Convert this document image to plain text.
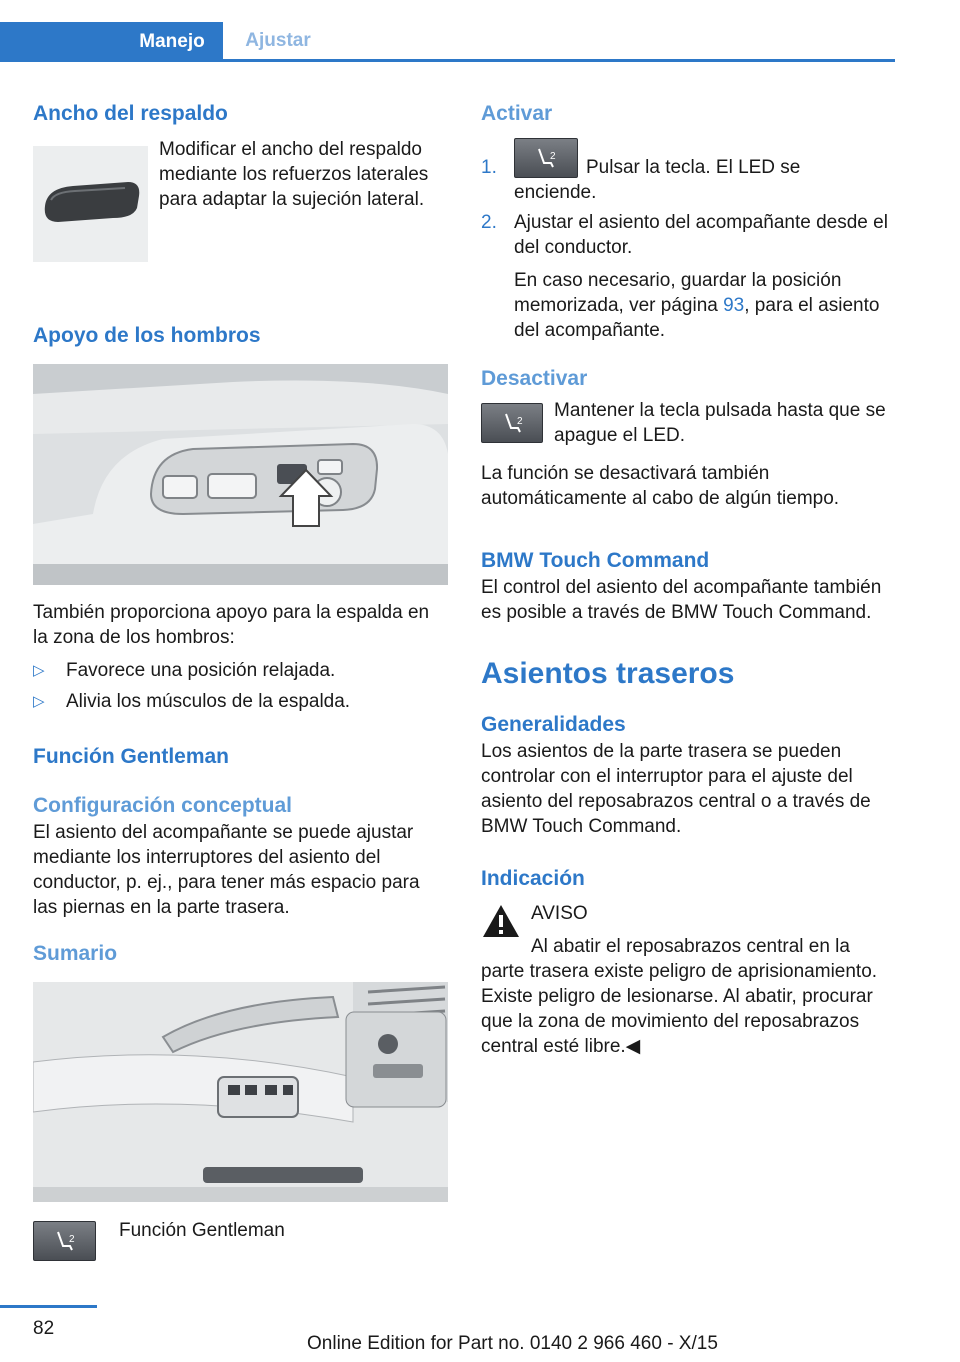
Manejo	Ajustar
Ancho del respaldo

Modificar el ancho del respaldo mediante los refuerzos laterales para adaptar la sujeción lateral.

Apoyo de los hombros

También proporciona apoyo para la espalda en la zona de los hombros:

▷ Favorece una posición relajada.
▷ Alivia los músculos de la espalda.
Función Gentleman
Configuración conceptual

El asiento del acompañante se puede ajustar mediante los interruptores del asiento del conductor, p. ej., para tener más espacio para las piernas en la parte trasera.

Sumario
2 Función Gentleman
Activar
1.
2
Pulsar la tecla. El LED se enciende.
2. Ajustar el asiento del acompañante desde el del conductor.

En caso necesario, guardar la posición memorizada, ver página 93, para el asiento del acompañante.

Desactivar
2

Mantener la tecla pulsada hasta que se apague el LED.

La función se desactivará también automáticamente al cabo de algún tiempo.

BMW Touch Command

El control del asiento del acompañante también es posible a través de BMW Touch Command.

Asientos traseros
Generalidades

Los asientos de la parte trasera se pueden controlar con el interruptor para el ajuste del asiento del reposabrazos central o a través de BMW Touch Command.

Indicación

AVISO

Al abatir el reposabrazos central en la parte trasera existe peligro de aprisionamiento. Existe peligro de lesionarse. Al abatir, procurar que la zona de movimiento del reposabrazos central esté libre.◀

82
Online Edition for Part no. 0140 2 966 460 - X/15
